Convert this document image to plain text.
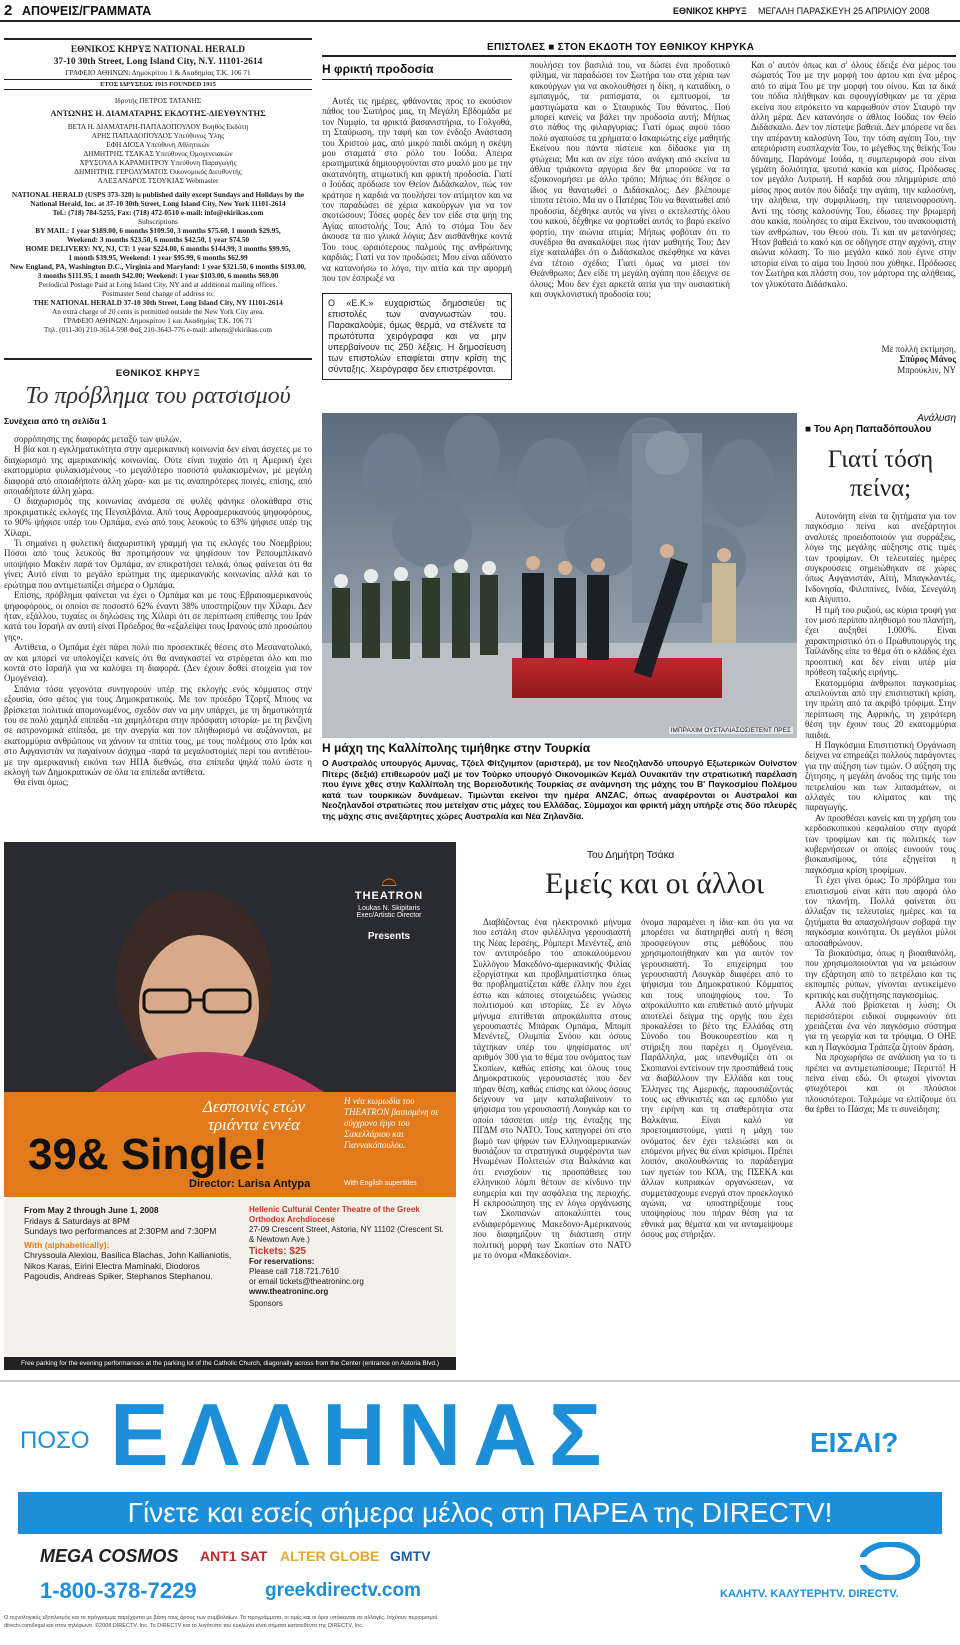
2 ΑΠΟΨΕΙΣ/ΓΡΑΜΜΑΤΑ	ΕΘΝΙΚΟΣ ΚΗΡΥΞ ΜΕΓΑΛΗ ΠΑΡΑΣΚΕΥΗ 25 ΑΠΡΙΛΙΟΥ 2008

ΕΘΝΙΚΟΣ ΚΗΡΥΞ NATIONAL HERALD

37-10 30th Street, Long Island City, N.Y. 11101-2614

ΓΡΑΦΕΙΟ ΑΘΗΝΩΝ: Δημοκρίτου 1 & Ακαδημίας Τ.Κ. 106 71

ΕΤΟΣ ΙΔΡΥΣΕΩΣ 1915 FOUNDED 1915

Ιδρυτής ΠΕΤΡΟΣ ΤΑΤΑΝΗΣ

ΑΝΤΩΝΗΣ Η. ΔΙΑΜΑΤΑΡΗΣ ΕΚΔΟΤΗΣ-ΔΙΕΥΘΥΝΤΗΣ

ΒΕΤΑ Η. ΔΙΑΜΑΤΑΡΗ-ΠΑΠΑΔΟΠΟΥΛΟΥ Βοηθός Εκδότη

ΑΡΗΣ ΠΑΠΑΔΟΠΟΥΛΟΣ Υπεύθυνος Ύλης

ΕΦΗ ΔΙΟΣΑ Υπεύθυνη Αθλητικών

ΔΗΜΗΤΡΗΣ ΤΣΑΚΑΣ Υπεύθυνος Ομογενειακών

ΧΡΥΣΟΥΛΑ ΚΑΡΑΜΗΤΡΟΥ Υπεύθυνη Παραγωγής

ΔΗΜΗΤΡΗΣ ΓΕΡΟΛΥΜΑΤΟΣ Οικονομικός Διευθυντής

ΑΛΕΞΑΝΔΡΟΣ ΤΣΟΥΚΙΑΣ Webmaster

NATIONAL HERALD (USPS 373-320) is published daily except Sundays and Holidays by the National Herald, Inc. at 37-10 30th Street, Long Island City, New York 11101-2614

Tel.: (718) 784-5255, Fax: (718) 472-0510 e-mail: info@ekirikas.com

Subscriptions

BY MAIL: 1 year $189.00, 6 months $109.50, 3 months $75.60, 1 month $29.95,

Weekend: 3 months $23.50, 6 months $42.50, 1 year $74.50

HOME DELIVERY: NY, NJ, CT: 1 year $224.00, 6 months $144.99, 3 months $99.95,

1 month $39.95, Weekend: 1 year $95.99, 6 months $62.99

New England, PA, Washington D.C., Virginia and Maryland: 1 year $321.50, 6 months $193.00,

3 months $111.95, 1 month $42.00; Weekend: 1 year $103.00, 6 months $69.00

Periodical Postage Paid at Long Island City, NY and at additional mailing offices.

Postmaster Send change of address to:

THE NATIONAL HERALD 37-10 30th Street, Long Island City, NY 11101-2614

An extra charge of 20 cents is permitted outside the New York City area.

ΓΡΑΦΕΙΟ ΑΘΗΝΩΝ: Δημοκρίτου 1 και Ακαδημίας Τ.Κ. 106 71

Τηλ. (011-30) 210-3614-598 Φαξ 210-3643-776 e-mail: athens@ekirikas.com

ΕΘΝΙΚΟΣ ΚΗΡΥΞ
Το πρόβλημα του ρατσισμού
Συνέχεια από τη σελίδα 1

σορρόπησης της διαφοράς μεταξύ των φυλών.

Η βία και η εγκληματικότητα στην αμερικανική κοινωνία δεν είναι άσχετες με το διαχωρισμό της αμερικανικής κοινωνίας. Ούτε είναι τυχαίο ότι η Αμερική έχει εκατομμύρια φυλακισμένους -το μεγαλύτερο ποσοστό φυλακισμένων, με μεγάλη διαφορά από οποιαδήποτε άλλη χώρα- και με τις αναπηρότερες ποινές, επίσης, από οποιαδήποτε άλλη χώρα.

Ο διαχωρισμός της κοινωνίας ανάμεσα σε φυλές φάνηκε ολοκάθαρα στις προκριματικές εκλογές της Πενσιλβάνια. Από τους Αφροαμερικανούς ψηφοφόρους, το 90% ψήφισε υπέρ του Ομπάμα, ενώ από τους λευκούς το 63% ψήφισε υπέρ της Χίλαρι.

Τι σημαίνει η φυλετική διαχωριστική γραμμή για τις εκλογές του Νοεμβρίου; Πόσοι από τους λευκούς θα προτιμήσουν να ψηφίσουν τον Ρεπουμπλικανό υποψήφιο Μακέιν παρά τον Ομπάμα, αν επικρατήσει τελικά, όπως φαίνεται ότι θα γίνει; Αυτό είναι το μεγάλο ερώτημα της αμερικανικής κοινωνίας αλλά και το ερώτημα που αντιμετωπίζει σήμερα ο Ομπάμα.

Επίσης, πρόβλημα φαίνεται να έχει ο Ομπάμα και με τους Εβραιοαμερικανούς ψηφοφόρους, οι οποίοι σε ποσοστό 62% έναντι 38% υποστηρίζουν την Χίλαρι. Δεν ήταν, εξάλλου, τυχαίες οι δηλώσεις της Χίλαρι ότι σε περίπτωση επίθεσης του Ιράν κατά του Ισραήλ αν αυτή είναι Πρόεδρος θα «εξαλείψει τους Ιρανούς από προσώπου γης».

Αντίθετα, ο Ομπάμα έχει πάρει πολύ πιο προσεκτικές θέσεις στο Μεσανατολικό, αν και μπορεί να υπολογίζει κανείς ότι θα αναγκαστεί να στρέφεται όλο και πιο κοντά στο Ισραήλ για να καλύψει τη διαφορά. (Δεν έχουν δοθεί στοιχεία για τον Ομογένεια).

Σπάνια τόσα γεγονότα συνηγορούν υπέρ της εκλογής ενός κόμματος στην εξουσία, όσο φέτος για τους Δημοκρατικούς. Με τον πρόεδρο Τζορτζ Μπους να βρίσκεται πολιτικά απομονωμένος, σχεδόν σαν να μην υπάρχει, με τη δημοτικότητά του σε πολύ χαμηλά επίπεδα -τα χαμηλότερα στην πρόσφατη ιστορία- με τη βενζίνη σε αστρονομικά επίπεδα, με την ανεργία και τον πληθωρισμό να αυξάνονται, με εκατομμύρια ανθρώπους να χάνουν τα σπίτια τους, με τους πολέμους στο Ιράκ και στο Αφγανιστάν να παγαίνουν άσχημα -παρά τα μεγαλοστομίες περί του αντιθέτου- με την αμερικανική εικόνα των ΗΠΑ διεθνώς, στα επίπεδα ψηλά πολύ ώστε η εκλογή των Δημοκρατικών σε όλα τα επίπεδα αντίθετα.

Θα είναι όμως;

ΕΠΙΣΤΟΛΕΣ ■ ΣΤΟΝ ΕΚΔΟΤΗ ΤΟΥ ΕΘΝΙΚΟΥ ΚΗΡΥΚΑ
Η φρικτή προδοσία

Αυτές τις ημέρες, φθάνοντας προς το εκούσιον πάθος του Σωτήρος μας, τη Μεγάλη Εβδομάδα με τον Νυμφίο, τα φρικτά βασανιστήρια, το Γολγοθά, τη Σταύρωση, την ταφή και τον ένδοξο Ανάσταση του Χριστού μας, από μικρό παιδί ακόμη η σκέψη μου σταματά στο ρόλο του Ιούδα. Απειρα ερωτηματικά δημιουργούνται στο μυαλό μου με την ακατανόητη, ατιμωτική και φρικτή προδοσία. Γιατί ο Ιούδας πρόδωσε τον Θείον Διδάσκαλον, πώς τον κράτησε η καρδιά να πουλήσει τον ατίμητον και να τον παραδώσει σε χέρια κακούργων για να τον σκοτώσουν; Τόσες φορές δεν τον είδε στα ψήη της Αγίας αποστολής Του; Από το στόμα Του δεν άκουσε τα πιο γλυκά λόγια; Δεν αισθάνθηκε κοντά Του τους ωραιότερους παλμούς της ανθρώπινης καρδιάς; Γιατί να τον προδώσει; Μου είναι αδύνατο να κατανοήσω το λόγο, την αιτία και την αφορμή που τον έσπρωξε να

Ο «Ε.Κ.» ευχαριστώς δημοσιεύει τις επιστολές των αναγνωστών του. Παρακαλούμε, όμως θερμά, να στέλνετε τα πρωτότυπα χειρόγραφα και να μην υπερβαίνουν τις 250 λέξεις. Η δημοσίευση των επιστολών επαφίεται στην κρίση της σύνταξης. Χειρόγραφα δεν επιστρέφονται.

πουλήσει τον βασιλιά του, να δώσει ένα προδοτικό φίλημα, να παραδώσει τον Σωτήρα του στα χέρια των κακούργων για να ακολουθήσει η δίκη, η καταδίκη, ο εμπαιγμός, τα ραπίσματα, οι εμπτυσμοί, τα μαστιγώματα και ο Σταυρικός Του θάνατος. Πού μπορεί κανείς να βάλει την προδοσία αυτή; Μήπως στο πάθος της φιλαργυρίας; Γιατί όμως αφού τόσο πολύ αγαπούσε τα χρήματα ο Ισκαριώτης είχε μαθητής Εκείνου που πάντα πίστευε και δίδασκε για τη φτώχεια; Μα και αν είχε τόσο ανάγκη από εκείνα τα άθλια τριάκοντα αργύρια δεν θα μπορούσε να τα εξοικονομήσει με άλλο τρόπο; Μήπως ότι θέλησε ο ίδιος να θανατωθεί ο Διδάσκαλος; Δεν βλέπουμε τίποτα τέτοιο. Μα αν ο Πατέρας Του να θανατωθεί από προδοσία, δέχθηκε αυτός να γίνει ο εκτελεστής όλου του κακού, δέχθηκε να φορτωθεί αυτός το βαρύ εκείνο φορτίο, την αιώνια ατιμία; Μήπως φοβόταν ότι το συνέδριο θα ανακαλύψει πως ήταν μαθητής Του; Δεν είχε καταλάβει ότι ο Διδάσκαλος σκέφθηκε να κάνει ένα τέτοιο σχέδιο; Γιατί όμως να μισεί τον Θεάνθρωπο; Δεν είδε τη μεγάλη αγάπη που έδειχνε σε όλους; Μου δεν έχει αρκετά αιτία για την ουσιαστική και συγκλονιστική προδοσία του;

Και ο' αυτόν όπως και σ' όλους έδειξε ένα μέρος του σώματός Του με την μορφή του άρτου και ένα μέρος από το αίμα Του με την μορφή του οίνου. Και τα δικά του πόδια πλήθηκαν και σφουγγίσθηκαν με τα χέρια εκείνα που επρόκειτο να καρφωθούν στον Σταυρό την άλλη μέρα. Δεν κατανόησε ο άθλιος Ιούδας τον Θείο Διδάσκαλο. Δεν τον πίστεψε βαθειά. Δεν μπόρεσε να δει την απέραντη καλοσύνη Του, την τόση αγάπη Του, την απεριόριστη ευσπλαχνία Του, το μέγεθος της θεϊκής Του δύναμης. Παράνομε Ιούδα, η συμπεριφορά σου είναι γεμάτη δολιότητα, ψευτιά κακία και μίσος. Πρόδωσες τον μεγάλο Λυτρωτή. Η καρδιά σου πλημμύρισε από μίσος προς αυτόν που δίδαξε την αγάπη, την καλοσύνη, την αλήθεια, την συμφιλίωση, την ταπεινοφροσύνη. Αντί της τόσης καλοσύνης Του, έδωσες την βρωμερή σου κακία, πούλησες το αίμα Εκείνου, του ανακουφιστή των ανθρώπων, του Θεού σου. Τι και αν μετανόησες; Ήταν βαθειά το κακό και σε οδήγησε στην αγχόνη, στην αιώνια κόλαση. Το πιο μεγάλο κακό που έγινε στην ιστορία είναι το αίμα του Ιησού που χύθηκε. Πρόδωσες τον Σωτήρα και πλάστη σου, τον μάρτυρα της αλήθειας, τον γλυκύτατο Διδάσκαλο.

Με πολλή εκτίμηση,

Σπύρος Μάνος

Μπρούκλιν, NY

ΙΜΠΡΑΧΙΜ ΟΥΣΤΑΛΙΑΣΟΣΙΕΤΕΝΤ ΠΡΕΣ
Η μάχη της Καλλίπολης τιμήθηκε στην Τουρκία

Ο Αυστραλός υπουργός Αμυνας, Τζόελ Φίτζγιμπον (αριστερά), με τον Νεοζηλανδό υπουργό Εξωτερικών Ουίνστον Πίτερς (δεξιά) επιθεωρούν μαζί με τον Τούρκο υπουργό Οικονομικών Κεμάλ Ουνακιτάν την στρατιωτική παρέλαση που έγινε χθες στην Καλλίπολη της Βορειοδυτικής Τουρκίας σε ανάμνηση της μάχης του Β' Παγκοσμίου Πολέμου κατά των τουρκικών δυνάμεων. Τιμώνται εκείνοι την ημέρα ANZAC, όπως αναφέρονται οι Αυστραλοί και Νεοζηλανδοί στρατιώτες που μετείχαν στις μάχες του Ελλάδας. Σύμμαχοι και φρικτή μάχη υπήρξε στις δύο πλευρές της μάχης στις ανεξάρτητες χώρες Αυστραλία και Νέα Ζηλανδία.

Ανάλυση
■ Του Αρη Παπαδόπουλου
Γιατί τόση πείνα;

Αυτονόητη είναι τα ζητήματα για τον παγκόσμιο πείνα και ανεξάρτητοι αναλυτές προειδοποιούν για συρράξεις, λόγω της μεγάλης αύξησης στις τιμές των τροφίμων. Οι τελευταίες ημέρες συγκρούσεις σημειώθηκαν σε χώρες όπως Αφγανιστάν, Αϊτή, Μπαγκλαντές, Ινδονησία, Φιλιππίνες, Ινδία, Σενεγάλη και Αίγυπτο.

Η τιμή του ρυζιού, ως κύρια τροφή για τον μισό περίπου πληθυσμό του πλανήτη, έχει αυξηθεί 1.000%. Είναι χαρακτηριστικό ότι ο Πρωθυπουργός της Ταϊλάνδης είπε το θέμα ότι ο κλάδος έχει προοπτική και δεν είναι υπέρ μία πρόθεση ταξικής ειρήνης.

Εκατομμύρια άνθρωποι παγκοσμίως απειλούνται από την επισιτιστική κρίση, την πρώτη από τα ακριβό τρόφιμα. Στην περίπτωση της Αφρικής, τη χειρότερη θέση την έχουν τους 20 εκατομμύρια παιδιά.

Η Παγκόσμια Επισιτιστική Οργάνωση δείχνει να επηρεάζει πολλούς παράγοντες για την αύξηση των τιμών. Ο αύξηση της ζήτησης, η μεγάλη άνοδος της τιμής του πετρελαίου και των λιπασμάτων, οι αλλαγές του κλίματος και της παραγωγής.

Αν προσθέσει κανείς και τη χρήση του κερδοσκοπικού κεφαλαίου στην αγορά των τροφίμων και τις πολιτικές των κυβερνήσεων οι οποίες ευνοούν τους βιοκαυσίμους, τότε εξηγείται η παγκόσμια κρίση τροφίμων.

Τι έχει γίνει όμως; Το πρόβλημα του επισιτισμού είναι κάτι που αφορά όλο τον πλανήτη. Πολλά φαίνεται ότι άλλαξαν τις τελευταίες ημέρες και τα ζητήματα θα απασχολήσουν σοβαρά την παγκόσμια κοινότητα. Οι μεγάλοι μύλοι αποσαθρώνουν.

Τα βιοκαύσιμα, όπως η βιοαιθανόλη, που χρησιμοποιούνται για να μειώσουν την εξάρτηση από το πετρέλαιο και τις εκπομπές ρύπων, γίνονται αντικείμενο κριτικής και συζήτησης παγκοσμίως.

Αλλά πού βρίσκεται η λύση; Οι περισσότεροι ειδικοί συμφωνούν ότι χρειάζεται ένα νέο παγκόσμιο σύστημα για τη γεωργία και τα τρόφιμα. Ο ΟΗΕ και η Παγκόσμια Τράπεζα ζητούν δράση.

Να προχωρήσω σε ανάλυση για το τι πρέπει να αντιμετωπίσουμε; Περιττό! Η πείνα είναι εδώ. Οι φτωχοί γίνονται φτωχότεροι και οι πλούσιοι πλουσιότεροι. Τολμώμε να ελπίζουμε ότι θα έρθει το Πάσχα; Με τι συνείδηση;

Του Δημήτρη Τσάκα
Εμείς και οι άλλοι

Διαβάζοντας ένα ηλεκτρονικό μήνυμα που εστάλη στον φιλέλληνα γερουσιαστή της Νέας Ιερσέης, Ρόμπερτ Μενέντεζ, από τον αντιπρόεδρο του αποκαλούμενου Συλλόγου Μακεδόνο-αμερικανικής Φιλίας εξοργίστηκα και προβληματίστηκα όπως θα προβληματίζεται κάθε έλλην που έχει έστω και κάποιες στοιχειώδεις γνώσεις πολιτισμού και ιστορίας. Σε εν λόγω μήνυμα επιτίθεται απροκάλυπτα στους γερουσιαστές Μπάρακ Ομπάμα, Μπομπ Μενέντεζ, Ολυμπία Σνόου και όσους τάχτηκαν υπέρ του ψηφίσματος υπ' αριθμόν 300 για το θέμα του ονόματος των Σκοπίων, καθώς επίσης και όλους τους Δημοκρατικούς γερουσιαστές που δεν πήραν θέση, καθώς επίσης και όλους όσους δείχνουν να μην καταλαβαίνουν το ψήφισμα του γερουσιαστή Λουγκάρ και το οποίο τάσσεται υπέρ της ένταξης της ΠΓΔΜ στο ΝΑΤΟ. Τους κατηγορεί ότι στο βωμό των ψήφων των Ελληνοαμερικανών θυσιάζουν τα στρατηγικά συμφέροντα των Ηνωμένων Πολιτειών στα Βαλκάνια και ότι ενισχύουν τις προσπάθειες του ελληνικού λόμπι θέτουν σε κίνδυνο την ευημερία και την ασφάλεια της περιοχής. Η εκπροσώπηση της εν λόγω οργάνωσης των Σκοπιανών αποκαλύπτει τους ενδιαφερόμενους Μακεδονο-Αμερικανούς που διαφημίζουν τη διάσταση στην πολιτική μορφή των Σκοπίων στο ΝΑΤΟ με το όνομα «Μακεδονία».

όνομα παραμένει η ίδια και ότι για να μπορέσει να διατηρηθεί αυτή η θέση προσφεύγουν στις μεθόδους που χρησιμοποιήθηκαν και για αυτόν τον γερουσιαστή. Το επιχείρημα του γερουσιαστή Λουγκάρ διαφέρει από το ψήφισμα του Δημοκρατικού Κόμματος και τους υποψηφίους του. Το απροκάλυπτο και επιθετικό αυτό μήνυμα αποτελεί δείγμα της οργής που έχει προκαλέσει το βέτο της Ελλάδας στη Σύνοδο του Βουκουρεστίου και η στήριξη που παρέχει η Ομογένεια. Παράλληλα, μας υπενθυμίζει ότι οι Σκοπιανοί εντείνουν την προσπάθειά τους να διαβάλλουν την Ελλάδα και τους Έλληνες της Αμερικής, παρουσιάζοντάς τους ως εθνικιστές και ως εμπόδιο για την ειρήνη και τη σταθερότητα στα Βαλκάνια. Είναι καλό να προετοιμαστούμε, γιατί η μάχη του ονόματος δεν έχει τελειώσει και οι επόμενοι μήνες θα είναι κρίσιμοι. Πρέπει λοιπόν, ακολουθώντας το παράδειγμα των ηγετών του ΚΟΑ, της ΠΣΕΚΑ και άλλων κυπριακών οργανώσεων, να συμμετάσχουμε ενεργά στον προεκλογικό αγώνα, να υποστηρίξουμε τους υποψηφίους που πήραν θέση για τα εθνικά μας θέματα και να ανταμείψουμε όσους μας στήριξαν.

⌓
THEATRON
Loukas N. Skipitaris
Exec/Artistic Director
Presents
Δεσποινίς ετών τριάντα εννέα
39& Single!
Director: Larisa Antypa
Η νέα κωμωδία του ΤΗΕΑΤRON βασισμένη σε σύγχρονο έργο του Σακελλάριου και Γιαννακόπουλου.
With English supertitles
From May 2 through June 1, 2008
Fridays & Saturdays at 8PM
Sundays two performances at 2:30PM and 7:30PM
With (alphabetically):
Chryssoula Alexiou, Basilica Blachas, John Kallianiotis, Nikos Karas, Eirini Electra Maminaki, Diodoros Pagoudis, Andreas Spiker, Stephanos Stephanou.
Hellenic Cultural Center Theatre of the Greek Orthodox Archdiocese
27-09 Crescent Street, Astoria, NY 11102 (Crescent St. & Newtown Ave.)
Tickets: $25
For reservations:
Please call 718.721.7610
or email tickets@theatroninc.org
www.theatroninc.org
Sponsors
Free parking for the evening performances at the parking lot of the Catholic Church, diagonally across from the Center (entrance on Astoria Blvd.)
ΠΟΣΟ ΕΛΛΗΝΑΣ	ΕΙΣΑΙ?
Γίνετε και εσείς σήμερα μέλος στη ΠΑΡΕΑ της DIRECTV!
MEGA COSMOS ANT1 SAT ALTER GLOBE GMTV
1-800-378-7229	greekdirectv.com	ΚΑΛΗΤV. ΚΑΛΥΤΕΡΗTV. DIRECTV.
Ο τεχνολογικός εξοπλισμός και το πρόγραμμα παρέχονται με βάση τους όρους των συμβολαίων. Τα προγράμματα, οι τιμές και οι όροι υπόκεινται σε αλλαγές. Ισχύουν περιορισμοί.
directv.com/legal και στον τηλέφωνο. ©2008 DIRECTV, Inc. Το DIRECTV και το λογότυπο του κυκλώνα είναι σήματα κατατεθέντα της DIRECTV, Inc.
